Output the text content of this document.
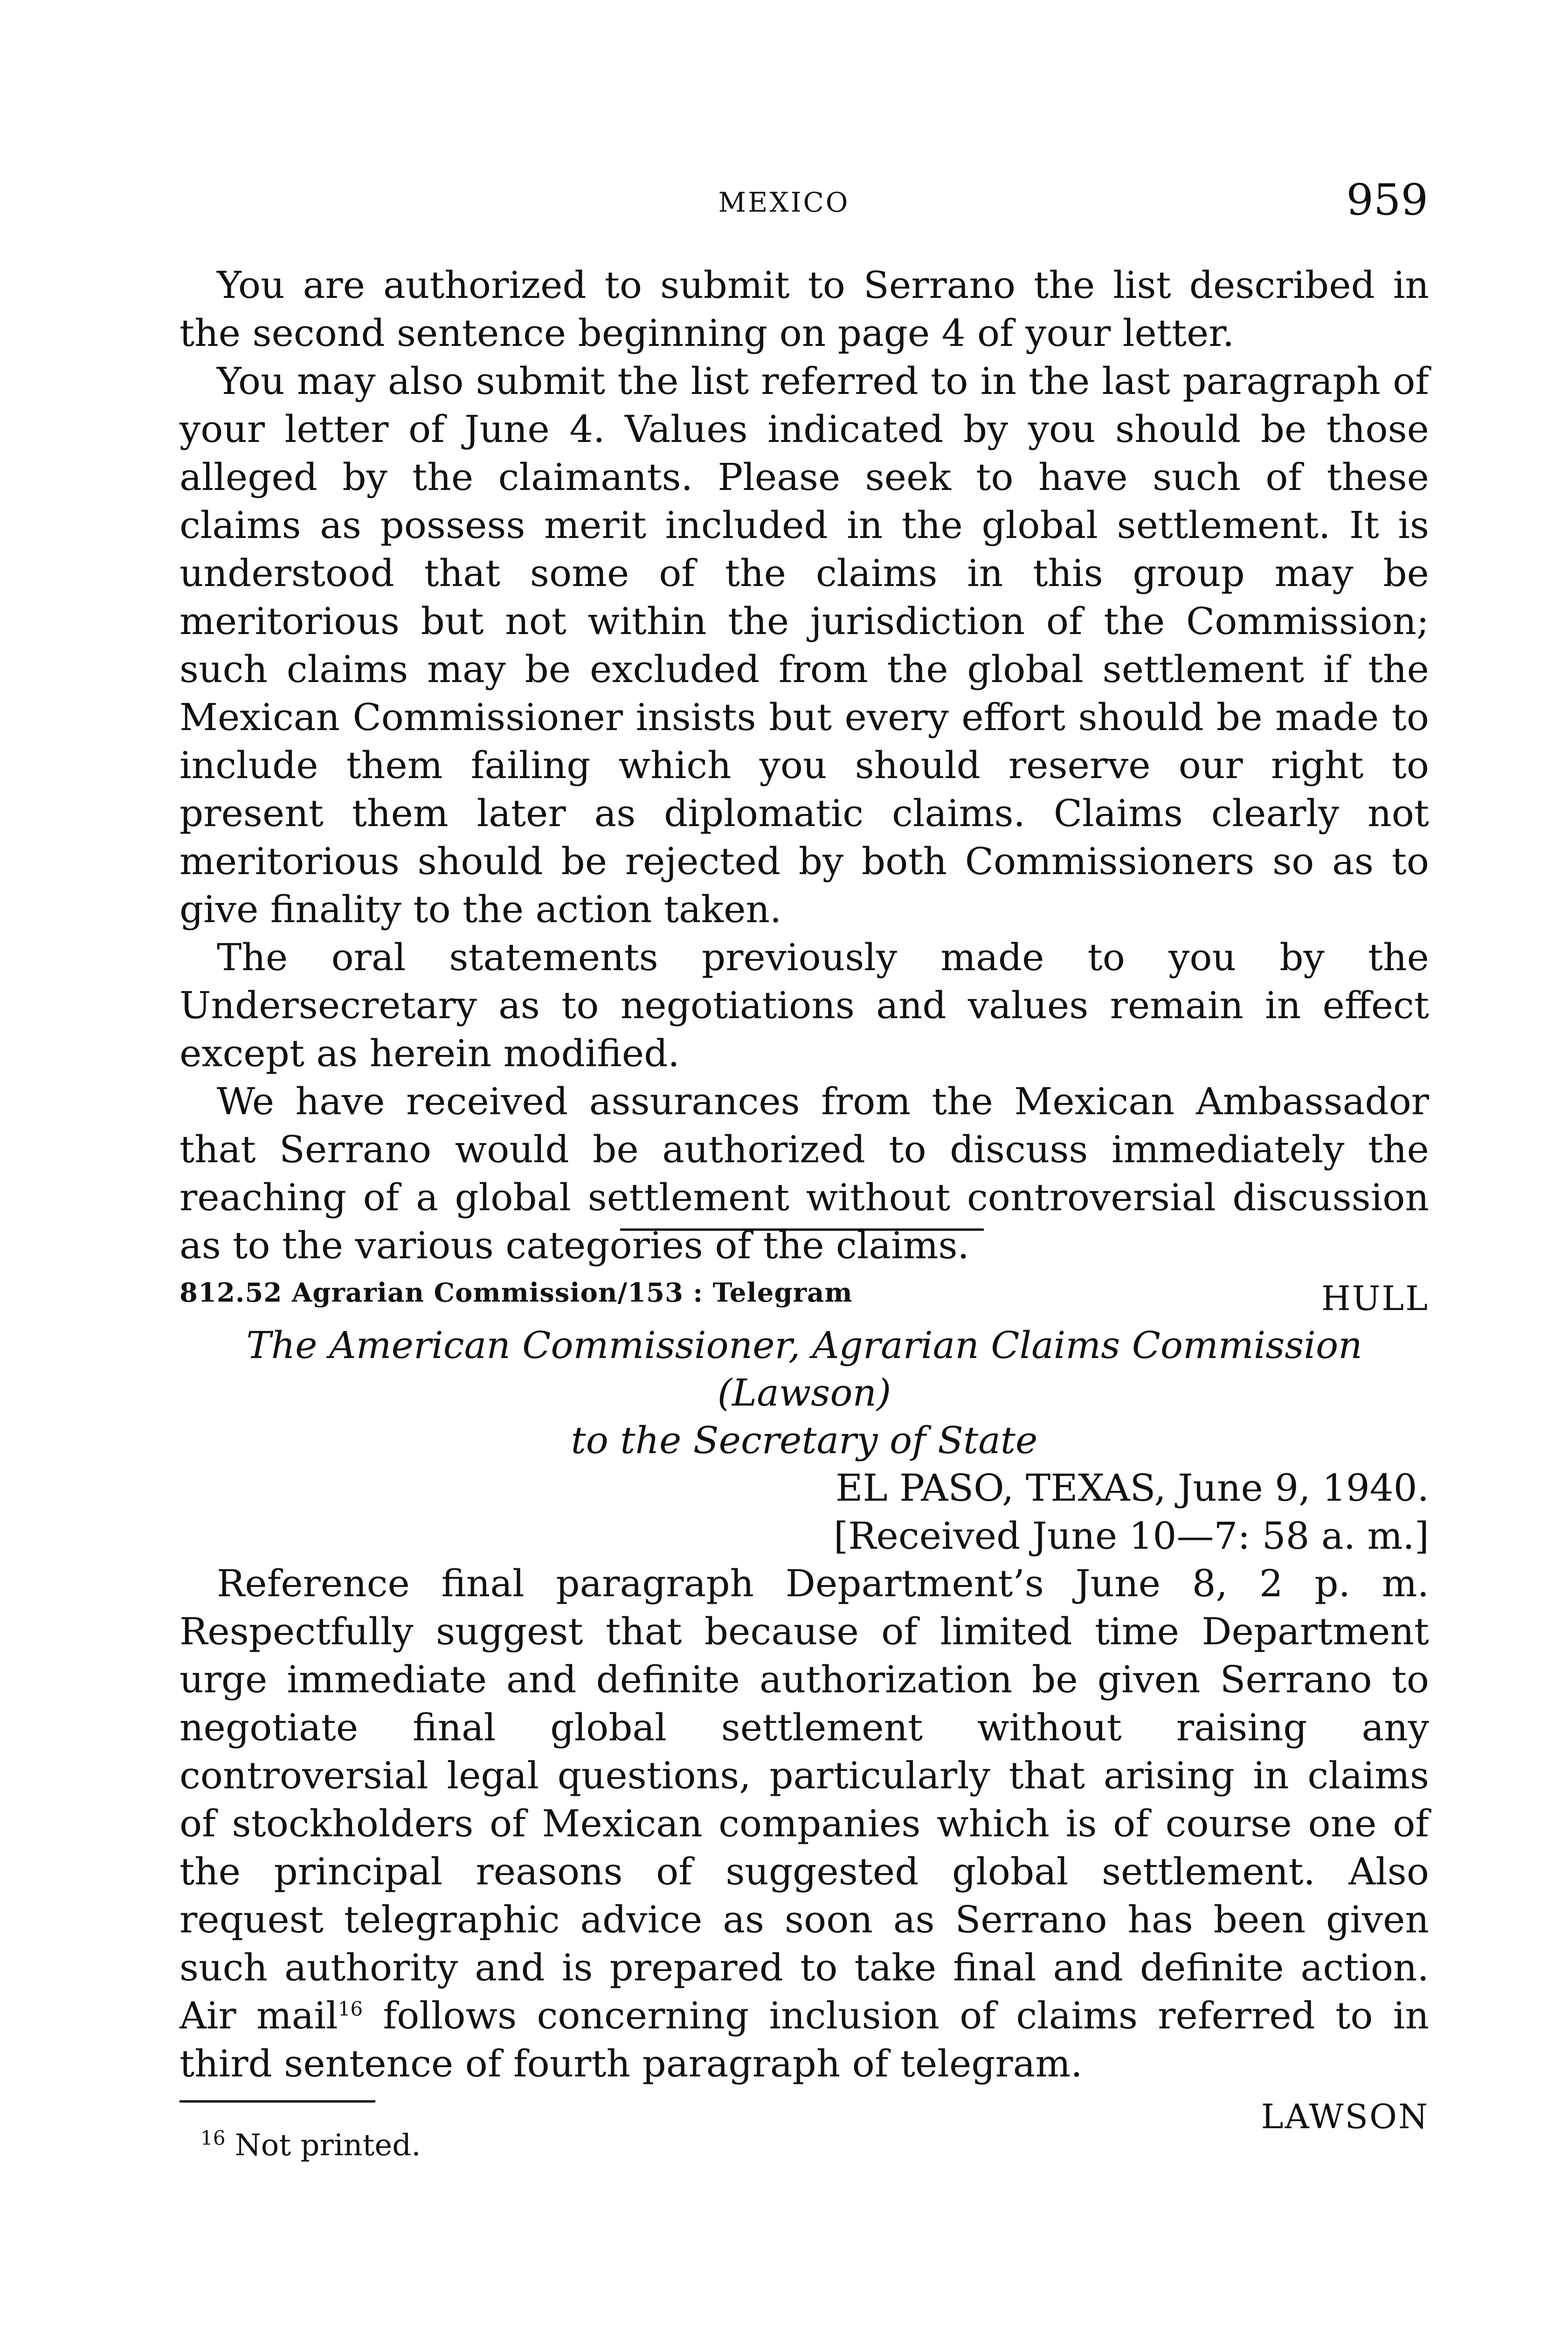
MEXICO	959

You are authorized to submit to Serrano the list described in the second sentence beginning on page 4 of your letter.

You may also submit the list referred to in the last paragraph of your letter of June 4. Values indicated by you should be those alleged by the claimants. Please seek to have such of these claims as possess merit included in the global settlement. It is understood that some of the claims in this group may be meritorious but not within the jurisdiction of the Commission; such claims may be excluded from the global settlement if the Mexican Commissioner insists but every effort should be made to include them failing which you should reserve our right to present them later as diplomatic claims. Claims clearly not meritorious should be rejected by both Commissioners so as to give finality to the action taken.

The oral statements previously made to you by the Undersecretary as to negotiations and values remain in effect except as herein modified.

We have received assurances from the Mexican Ambassador that Serrano would be authorized to discuss immediately the reaching of a global settlement without controversial discussion as to the various categories of the claims.

HULL

812.52 Agrarian Commission/153 : Telegram
The American Commissioner, Agrarian Claims Commission (Lawson)
to the Secretary of State
EL PASO, TEXAS, June 9, 1940.
[Received June 10—7: 58 a. m.]

Reference final paragraph Department’s June 8, 2 p. m. Respectfully suggest that because of limited time Department urge immediate and definite authorization be given Serrano to negotiate final global settlement without raising any controversial legal questions, particularly that arising in claims of stockholders of Mexican companies which is of course one of the principal reasons of suggested global settlement. Also request telegraphic advice as soon as Serrano has been given such authority and is prepared to take final and definite action. Air mail$^{16}$ follows concerning inclusion of claims referred to in third sentence of fourth paragraph of telegram.

LAWSON

$^{16}$ Not printed.
